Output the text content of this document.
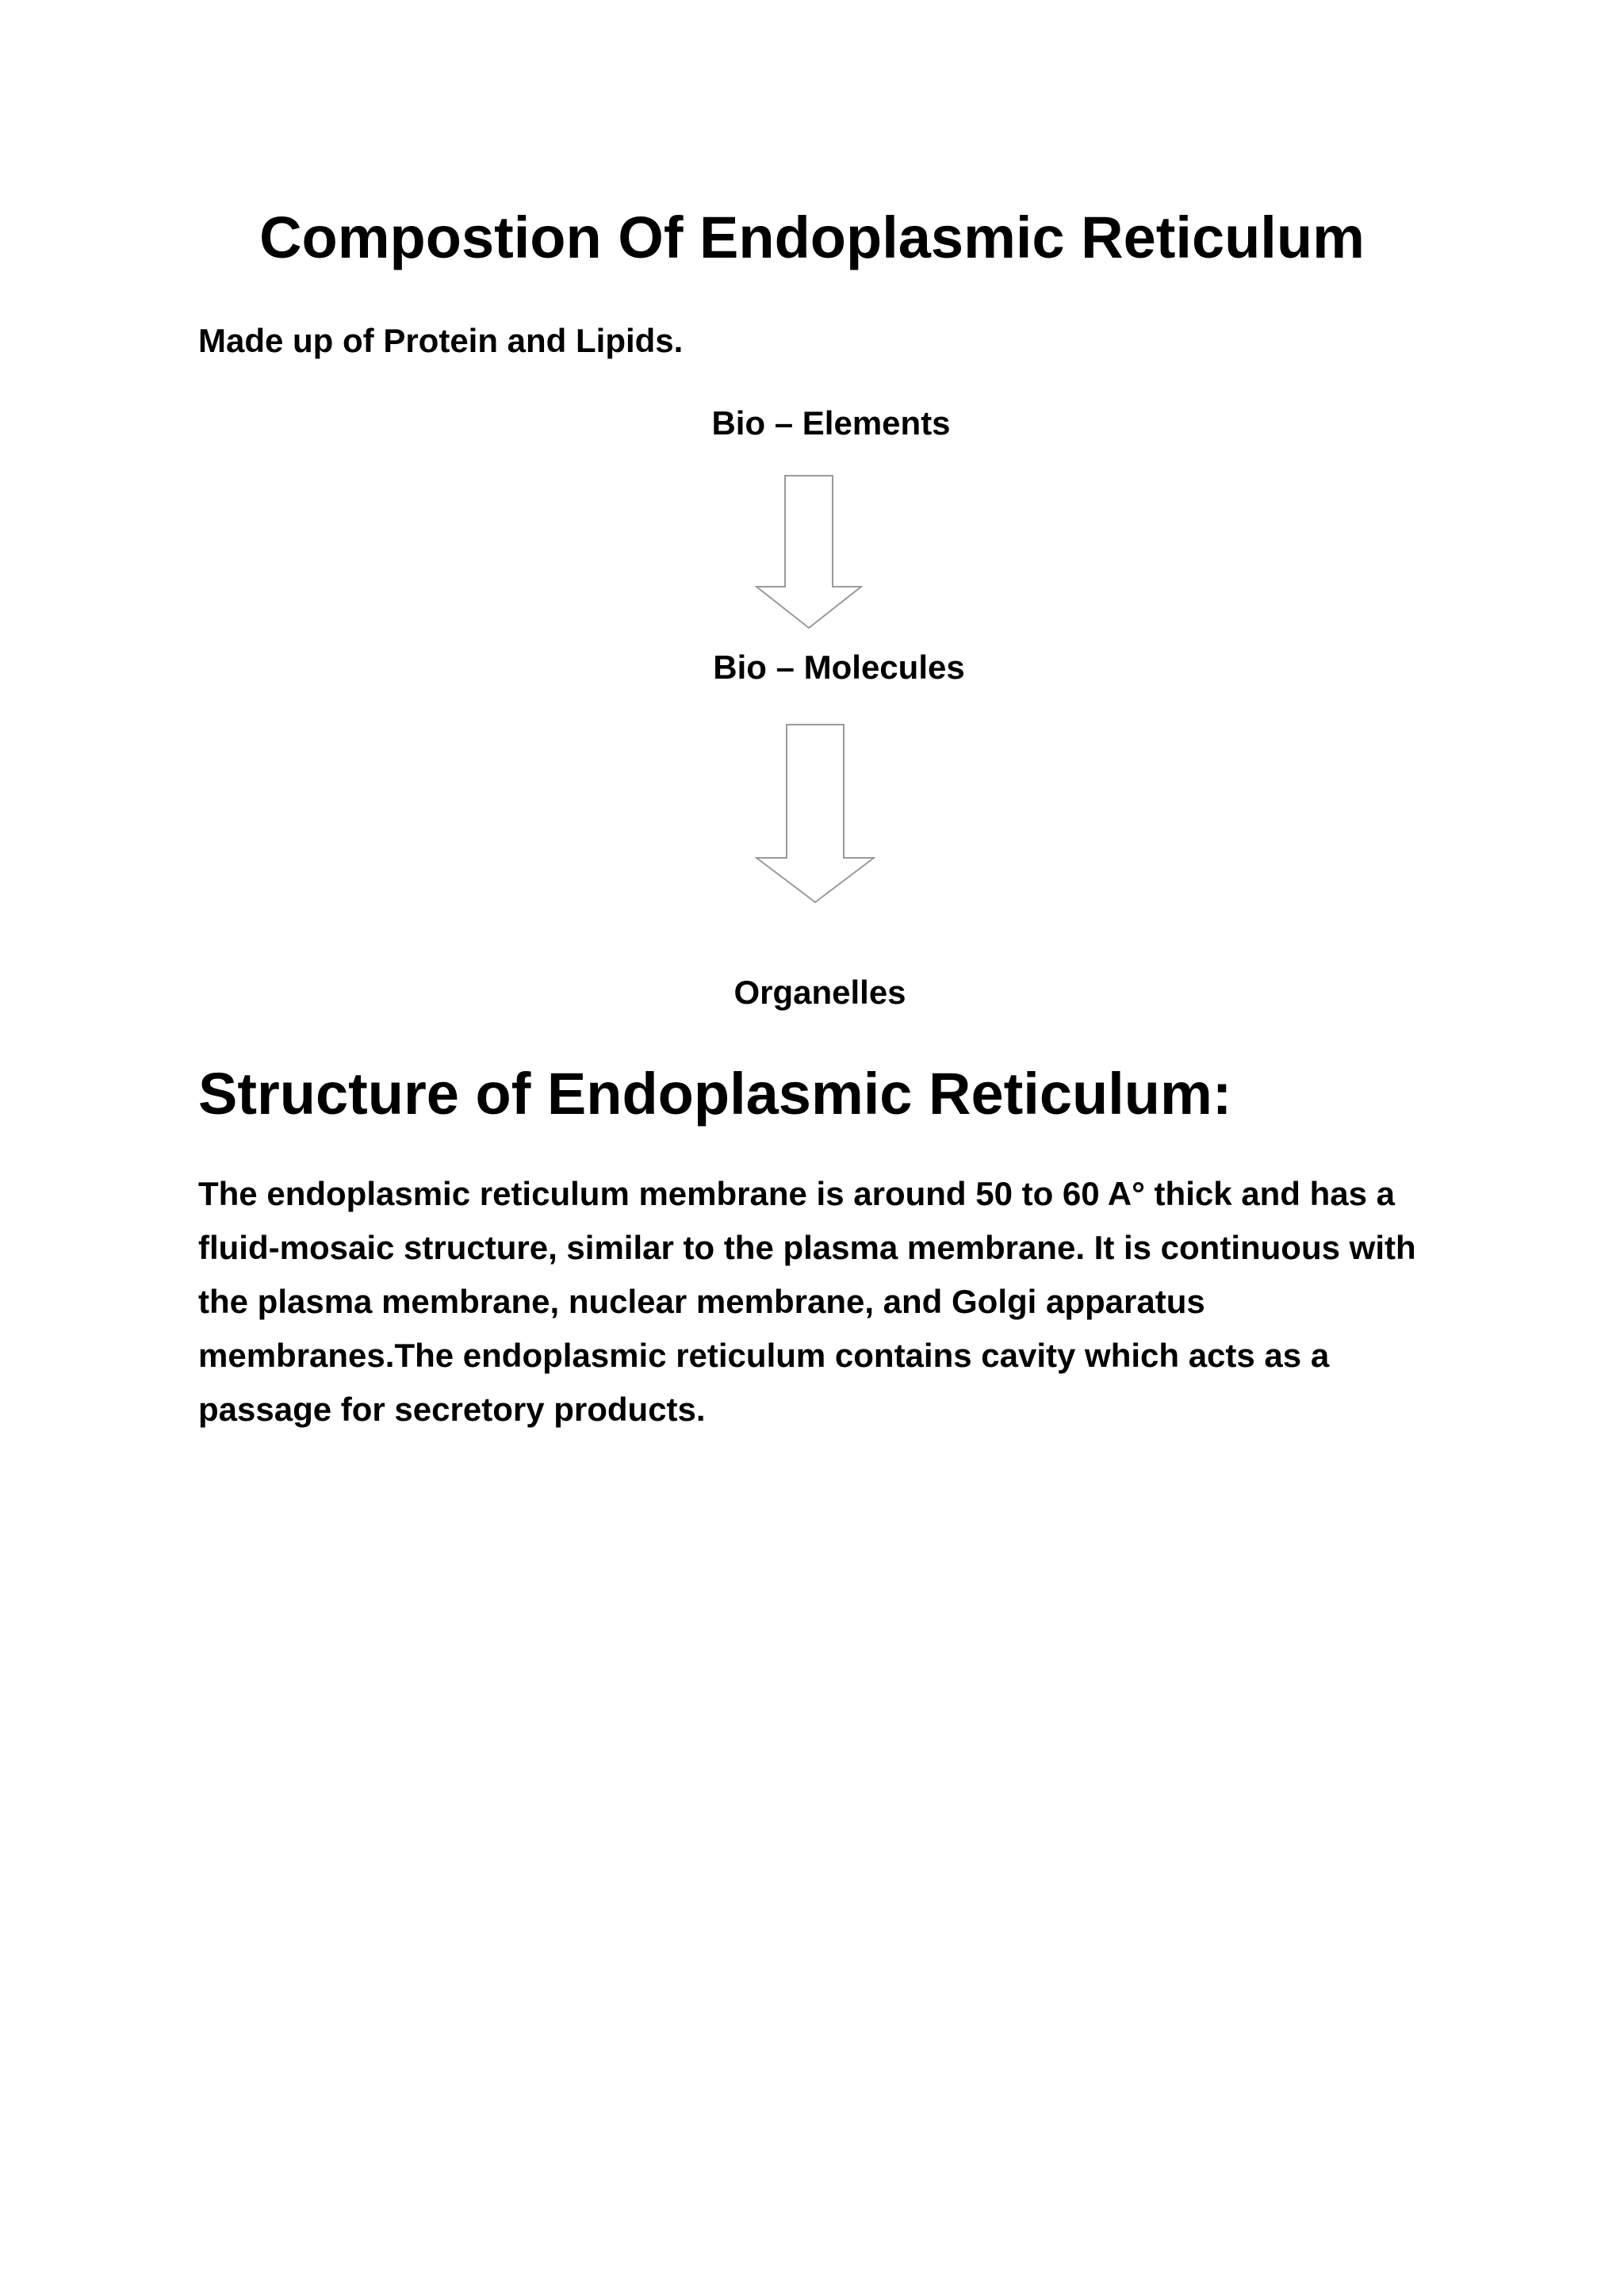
Compostion Of Endoplasmic Reticulum

Made up of Protein and Lipids.

Bio – Elements

Bio – Molecules

Organelles

Structure of Endoplasmic Reticulum:

The endoplasmic reticulum membrane is around 50 to 60 A° thick and has a fluid-mosaic structure, similar to the plasma membrane. It is continuous with the plasma membrane, nuclear membrane, and Golgi apparatus membranes.The endoplasmic reticulum contains cavity which acts as a passage for secretory products.
